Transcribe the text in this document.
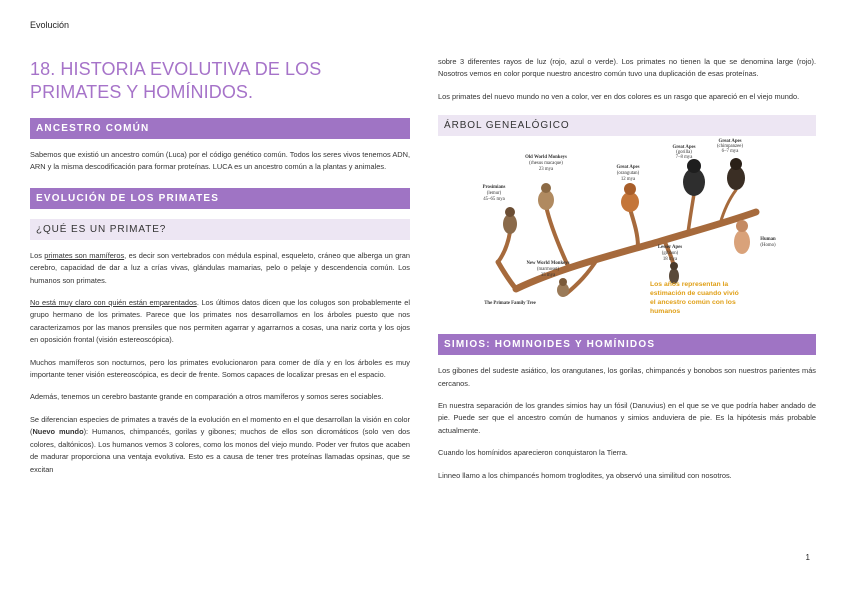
Evolución
18. HISTORIA EVOLUTIVA DE LOS PRIMATES Y HOMÍNIDOS.
ANCESTRO COMÚN

Sabemos que existió un ancestro común (Luca) por el código genético común. Todos los seres vivos tenemos ADN, ARN y la misma descodificación para formar proteínas. LUCA es un ancestro común a la plantas y animales.

EVOLUCIÓN DE LOS PRIMATES
¿QUÉ ES UN PRIMATE?

Los primates son mamíferos, es decir son vertebrados con médula espinal, esqueleto, cráneo que alberga un gran cerebro, capacidad de dar a luz a crías vivas, glándulas mamarias, pelo o pelaje y descendencia común. Los humanos son primates.

No está muy claro con quién están emparentados. Los últimos datos dicen que los colugos son probablemente el grupo hermano de los primates. Parece que los primates nos desarrollamos en los árboles puesto que nos caracterizamos por las manos prensiles que nos permiten agarrar y agarrarnos a cosas, una nariz corta y los ojos en oposición frontal (visión estereoscópica).

Muchos mamíferos son nocturnos, pero los primates evolucionaron para comer de día y en los árboles es muy importante tener visión estereoscópica, es decir de frente. Somos capaces de localizar presas en el espacio.

Además, tenemos un cerebro bastante grande en comparación a otros mamíferos y somos seres sociables.

Se diferencian especies de primates a través de la evolución en el momento en el que desarrollan la visión en color (Nuevo mundo): Humanos, chimpancés, gorilas y gibones; muchos de ellos son dicromáticos (solo ven dos colores, daltónicos). Los humanos vemos 3 colores, como los monos del viejo mundo. Poder ver frutos que acaben de madurar proporciona una ventaja evolutiva. Esto es a causa de tener tres proteínas llamadas opsinas, que se excitan

sobre 3 diferentes rayos de luz (rojo, azul o verde). Los primates no tienen la que se denomina large (rojo). Nosotros vemos en color porque nuestro ancestro común tuvo una duplicación de esas proteínas.

Los primates del nuevo mundo no ven a color, ver en dos colores es un rasgo que apareció en el viejo mundo.

ÁRBOL GENEALÓGICO
Prosimians
(lemur)
45–65 mya
Old World Monkeys
(rhesus macaque)
23 mya
New World Monkeys
(marmoset)
35 mya
Great Apes
(orangutan)
12 mya
Lesser Apes
(gibbon)
18 mya
Great Apes
(gorilla)
7–8 mya
Great Apes
(chimpanzee)
6–7 mya
Human
(Homo)
The Primate Family Tree
Los años representan la
estimación de cuando vivió
el ancestro común con los
humanos
SIMIOS: HOMINOIDES Y HOMÍNIDOS

Los gibones del sudeste asiático, los orangutanes, los gorilas, chimpancés y bonobos son nuestros parientes más cercanos.

En nuestra separación de los grandes simios hay un fósil (Danuvius) en el que se ve que podría haber andado de pie. Puede ser que el ancestro común de humanos y simios anduviera de pie. Es la hipótesis más probable actualmente.

Cuando los homínidos aparecieron conquistaron la Tierra.

Linneo llamo a los chimpancés homom troglodites, ya observó una similitud con nosotros.

1
